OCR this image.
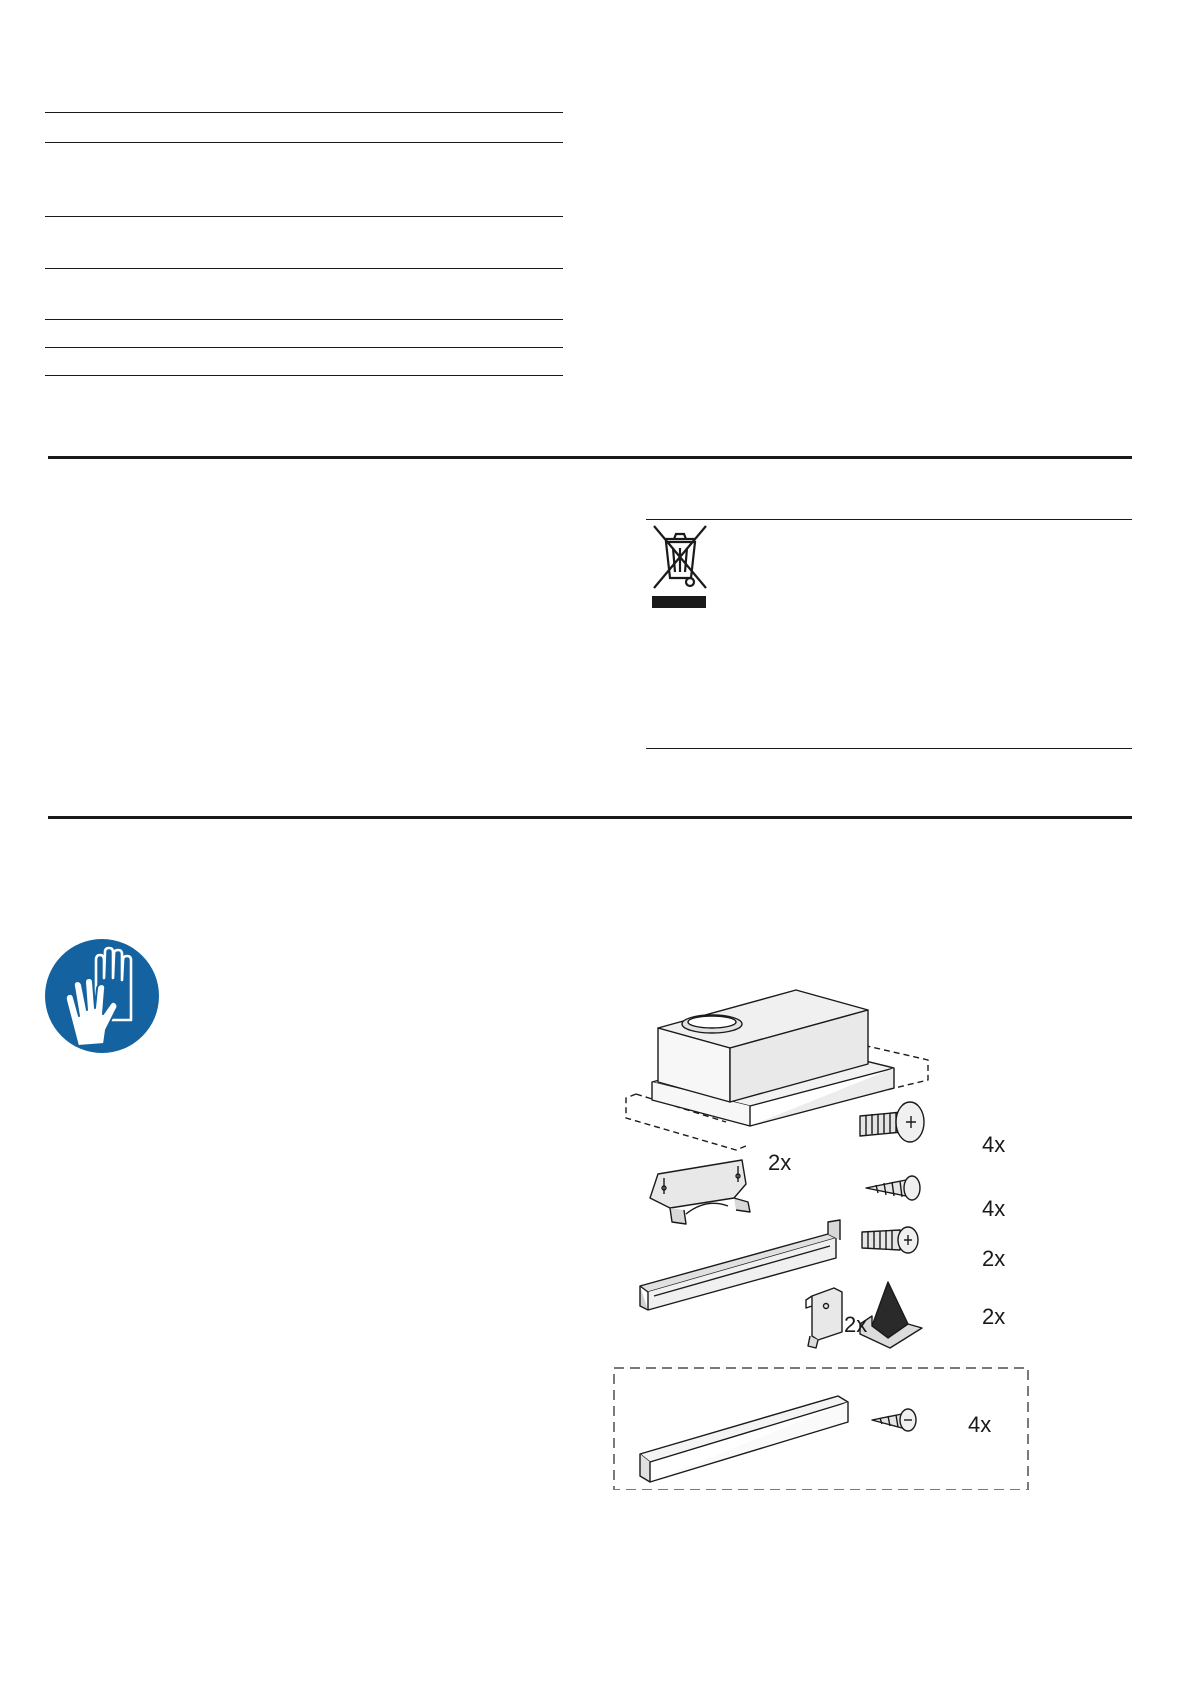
4x
2x
4x
2x
2x
2x
4x
